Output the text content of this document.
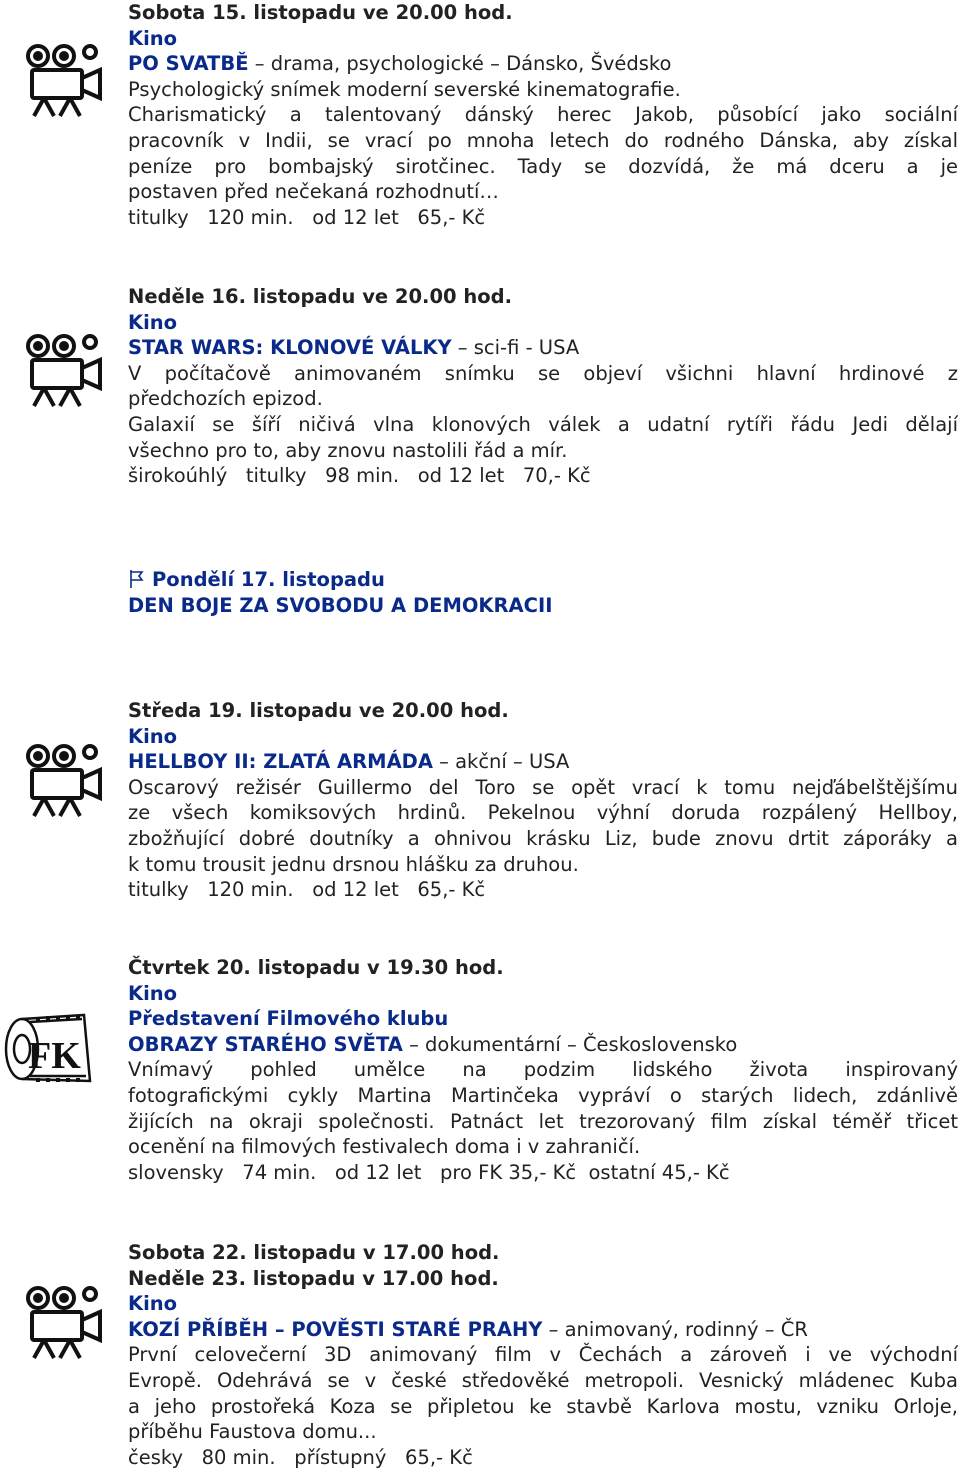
Sobota 15. listopadu ve 20.00 hod.
Kino
PO SVATBĚ – drama, psychologické – Dánsko, Švédsko
Psychologický snímek moderní severské kinematografie.
Charismatický a talentovaný dánský herec Jakob, působící jako sociální
pracovník v Indii, se vrací po mnoha letech do rodného Dánska, aby získal
peníze pro bombajský sirotčinec. Tady se dozvídá, že má dceru a je
postaven před nečekaná rozhodnutí…
titulky   120 min.   od 12 let   65,- Kč
Neděle 16. listopadu ve 20.00 hod.
Kino
STAR WARS: KLONOVÉ VÁLKY – sci-fi - USA
V počítačově animovaném snímku se objeví všichni hlavní hrdinové z
předchozích epizod.
Galaxií se šíří ničivá vlna klonových válek a udatní rytíři řádu Jedi dělají
všechno pro to, aby znovu nastolili řád a mír.
širokoúhlý   titulky   98 min.   od 12 let   70,- Kč
Pondělí 17. listopadu
DEN BOJE ZA SVOBODU A DEMOKRACII
Středa 19. listopadu ve 20.00 hod.
Kino
HELLBOY II: ZLATÁ ARMÁDA – akční – USA
Oscarový režisér Guillermo del Toro se opět vrací k tomu nejďábelštějšímu
ze všech komiksových hrdinů. Pekelnou výhní doruda rozpálený Hellboy,
zbožňující dobré doutníky a ohnivou krásku Liz, bude znovu drtit záporáky a
k tomu trousit jednu drsnou hlášku za druhou.
titulky   120 min.   od 12 let   65,- Kč
FK
Čtvrtek 20. listopadu v 19.30 hod.
Kino
Představení Filmového klubu
OBRAZY STARÉHO SVĚTA – dokumentární – Československo
Vnímavý pohled umělce na podzim lidského života inspirovaný
fotografickými cykly Martina Martinčeka vypráví o starých lidech, zdánlivě
žijících na okraji společnosti. Patnáct let trezorovaný film získal téměř třicet
ocenění na filmových festivalech doma i v zahraničí.
slovensky   74 min.   od 12 let   pro FK 35,- Kč  ostatní 45,- Kč
Sobota 22. listopadu v 17.00 hod.
Neděle 23. listopadu v 17.00 hod.
Kino
KOZÍ PŘÍBĚH – POVĚSTI STARÉ PRAHY – animovaný, rodinný – ČR
První celovečerní 3D animovaný film v Čechách a zároveň i ve východní
Evropě. Odehrává se v české středověké metropoli. Vesnický mládenec Kuba
a jeho prostořeká Koza se připletou ke stavbě Karlova mostu, vzniku Orloje,
příběhu Faustova domu...
česky   80 min.   přístupný   65,- Kč
